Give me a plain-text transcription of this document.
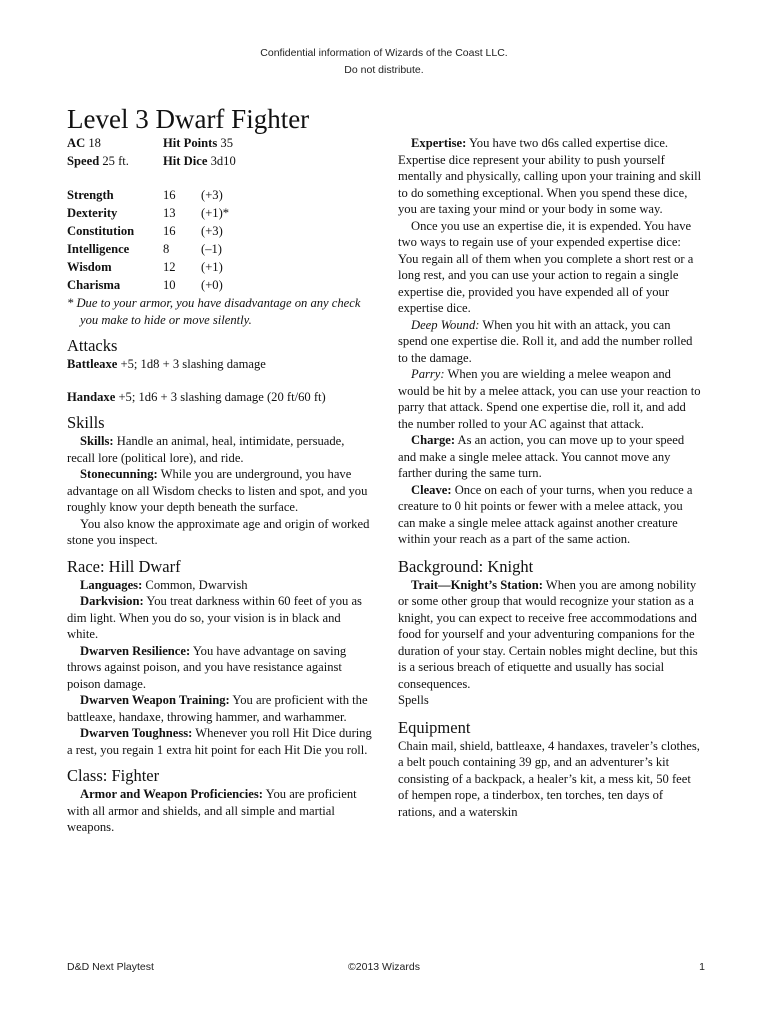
Confidential information of Wizards of the Coast LLC.
Do not distribute.
Level 3 Dwarf Fighter
AC 18	Hit Points 35
Speed 25 ft.	Hit Dice 3d10
Strength	16	(+3)
Dexterity	13	(+1)*
Constitution	16	(+3)
Intelligence	8	(–1)
Wisdom	12	(+1)
Charisma	10	(+0)

* Due to your armor, you have disadvantage on any check you make to hide or move silently.

Attacks

Battleaxe +5; 1d8 + 3 slashing damage

Handaxe +5; 1d6 + 3 slashing damage (20 ft/60 ft)

Skills

Skills: Handle an animal, heal, intimidate, persuade, recall lore (political lore), and ride.

Stonecunning: While you are underground, you have advantage on all Wisdom checks to listen and spot, and you roughly know your depth beneath the surface.

You also know the approximate age and origin of worked stone you inspect.

Race: Hill Dwarf

Languages: Common, Dwarvish

Darkvision: You treat darkness within 60 feet of you as dim light. When you do so, your vision is in black and white.

Dwarven Resilience: You have advantage on saving throws against poison, and you have resistance against poison damage.

Dwarven Weapon Training: You are proficient with the battleaxe, handaxe, throwing hammer, and warhammer.

Dwarven Toughness: Whenever you roll Hit Dice during a rest, you regain 1 extra hit point for each Hit Die you roll.

Class: Fighter

Armor and Weapon Proficiencies: You are proficient with all armor and shields, and all simple and martial weapons.

Expertise: You have two d6s called expertise dice. Expertise dice represent your ability to push yourself mentally and physically, calling upon your training and skill to do something exceptional. When you spend these dice, you are taxing your mind or your body in some way.

Once you use an expertise die, it is expended. You have two ways to regain use of your expended expertise dice: You regain all of them when you complete a short rest or a long rest, and you can use your action to regain a single expertise die, provided you have expended all of your expertise dice.

Deep Wound: When you hit with an attack, you can spend one expertise die. Roll it, and add the number rolled to the damage.

Parry: When you are wielding a melee weapon and would be hit by a melee attack, you can use your reaction to parry that attack. Spend one expertise die, roll it, and add the number rolled to your AC against that attack.

Charge: As an action, you can move up to your speed and make a single melee attack. You cannot move any farther during the same turn.

Cleave: Once on each of your turns, when you reduce a creature to 0 hit points or fewer with a melee attack, you can make a single melee attack against another creature within your reach as a part of the same action.

Background: Knight

Trait—Knight’s Station: When you are among nobility or some other group that would recognize your station as a knight, you can expect to receive free accommodations and food for yourself and your adventuring companions for the duration of your stay. Certain nobles might decline, but this is a serious breach of etiquette and usually has social consequences.

Spells

Equipment

Chain mail, shield, battleaxe, 4 handaxes, traveler’s clothes, a belt pouch containing 39 gp, and an adventurer’s kit consisting of a backpack, a healer’s kit, a mess kit, 50 feet of hempen rope, a tinderbox, ten torches, ten days of rations, and a waterskin

D&D Next Playtest	©2013 Wizards	1
